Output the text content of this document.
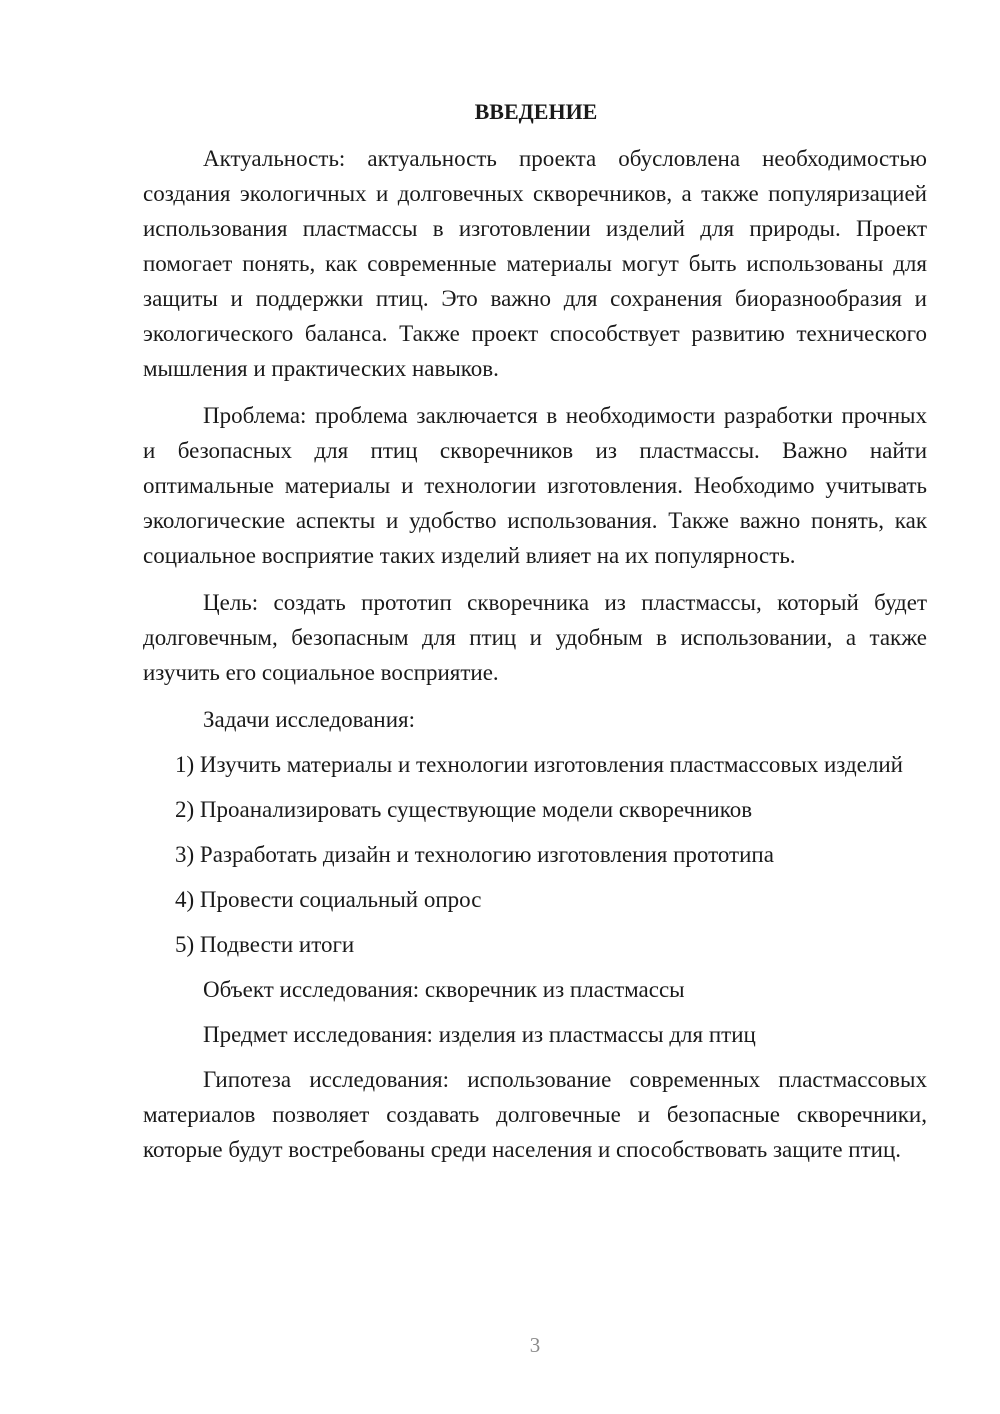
ВВЕДЕНИЕ

Актуальность: актуальность проекта обусловлена необходимостью создания экологичных и долговечных скворечников, а также популяризацией использования пластмассы в изготовлении изделий для природы. Проект помогает понять, как современные материалы могут быть использованы для защиты и поддержки птиц. Это важно для сохранения биоразнообразия и экологического баланса. Также проект способствует развитию технического мышления и практических навыков.

Проблема: проблема заключается в необходимости разработки прочных и безопасных для птиц скворечников из пластмассы. Важно найти оптимальные материалы и технологии изготовления. Необходимо учитывать экологические аспекты и удобство использования. Также важно понять, как социальное восприятие таких изделий влияет на их популярность.

Цель: создать прототип скворечника из пластмассы, который будет долговечным, безопасным для птиц и удобным в использовании, а также изучить его социальное восприятие.

Задачи исследования:

1) Изучить материалы и технологии изготовления пластмассовых изделий

2) Проанализировать существующие модели скворечников

3) Разработать дизайн и технологию изготовления прототипа

4) Провести социальный опрос

5) Подвести итоги

Объект исследования: скворечник из пластмассы

Предмет исследования: изделия из пластмассы для птиц

Гипотеза исследования: использование современных пластмассовых материалов позволяет создавать долговечные и безопасные скворечники, которые будут востребованы среди населения и способствовать защите птиц.

3
